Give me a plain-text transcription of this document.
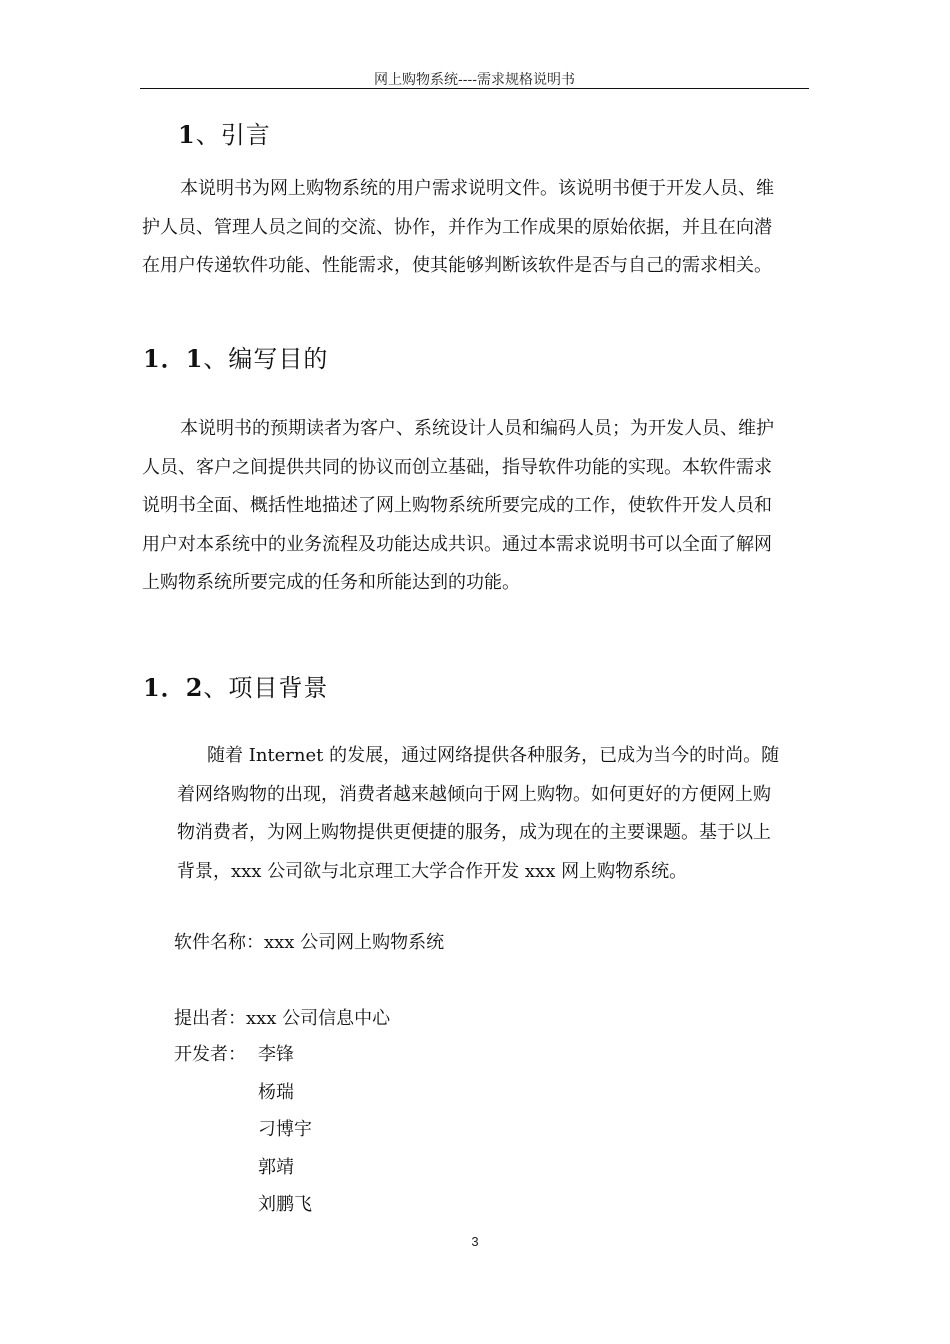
网上购物系统----需求规格说明书
1、引言
本说明书为网上购物系统的用户需求说明文件。该说明书便于开发人员、维
护人员、管理人员之间的交流、协作，并作为工作成果的原始依据，并且在向潜
在用户传递软件功能、性能需求，使其能够判断该软件是否与自己的需求相关。
1．1、编写目的
本说明书的预期读者为客户、系统设计人员和编码人员；为开发人员、维护
人员、客户之间提供共同的协议而创立基础，指导软件功能的实现。本软件需求
说明书全面、概括性地描述了网上购物系统所要完成的工作，使软件开发人员和
用户对本系统中的业务流程及功能达成共识。通过本需求说明书可以全面了解网
上购物系统所要完成的任务和所能达到的功能。
1．2、项目背景
随着 Internet 的发展，通过网络提供各种服务，已成为当今的时尚。随
着网络购物的出现，消费者越来越倾向于网上购物。如何更好的方便网上购
物消费者，为网上购物提供更便捷的服务，成为现在的主要课题。基于以上
背景，xxx 公司欲与北京理工大学合作开发 xxx 网上购物系统。
软件名称：xxx 公司网上购物系统
提出者：xxx 公司信息中心
开发者： 李锋
杨瑞
刁博宇
郭靖
刘鹏飞
3
